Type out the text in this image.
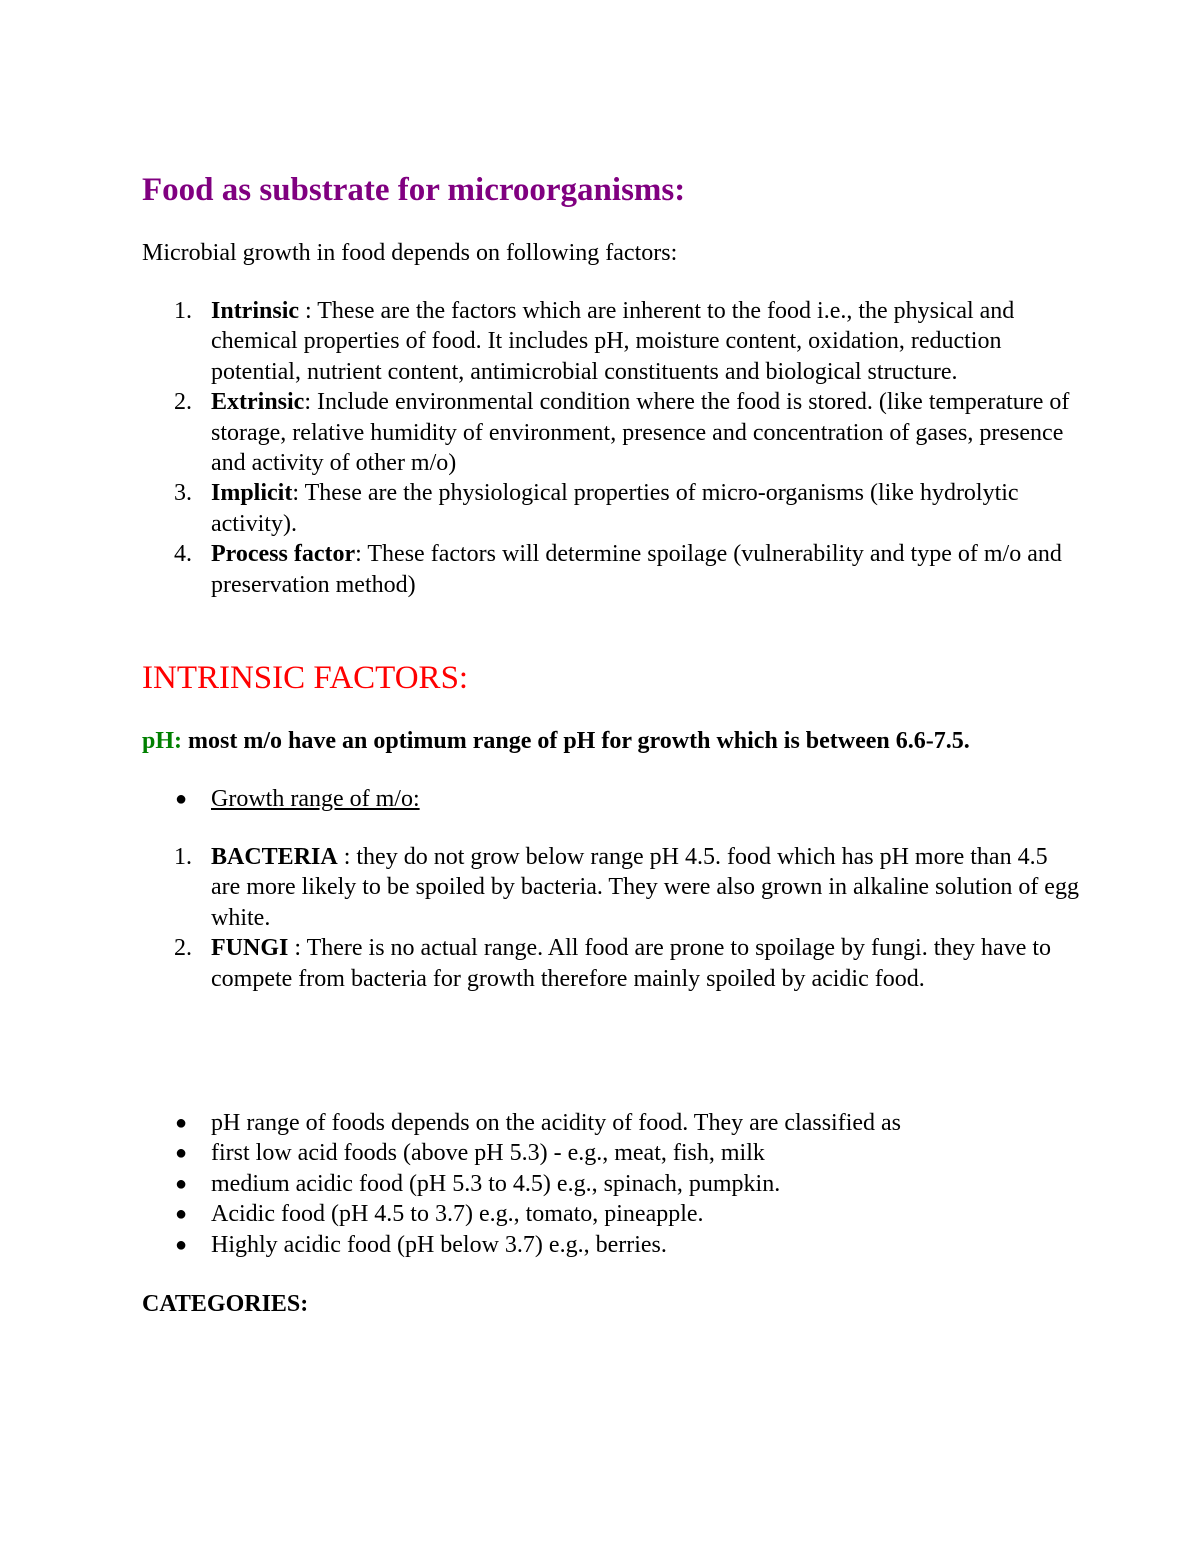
Food as substrate for microorganisms:

Microbial growth in food depends on following factors:

1. Intrinsic : These are the factors which are inherent to the food i.e., the physical and chemical properties of food. It includes pH, moisture content, oxidation, reduction potential, nutrient content, antimicrobial constituents and biological structure.
2. Extrinsic: Include environmental condition where the food is stored. (like temperature of storage, relative humidity of environment, presence and concentration of gases, presence and activity of other m/o)
3. Implicit: These are the physiological properties of micro-organisms (like hydrolytic activity).
4. Process factor: These factors will determine spoilage (vulnerability and type of m/o and preservation method)
INTRINSIC FACTORS:

pH: most m/o have an optimum range of pH for growth which is between 6.6-7.5.

● Growth range of m/o:
1. BACTERIA : they do not grow below range pH 4.5. food which has pH more than 4.5 are more likely to be spoiled by bacteria. They were also grown in alkaline solution of egg white.
2. FUNGI : There is no actual range. All food are prone to spoilage by fungi. they have to compete from bacteria for growth therefore mainly spoiled by acidic food.
● pH range of foods depends on the acidity of food. They are classified as
● first low acid foods (above pH 5.3) - e.g., meat, fish, milk
● medium acidic food (pH 5.3 to 4.5) e.g., spinach, pumpkin.
● Acidic food (pH 4.5 to 3.7) e.g., tomato, pineapple.
● Highly acidic food (pH below 3.7) e.g., berries.

CATEGORIES:
